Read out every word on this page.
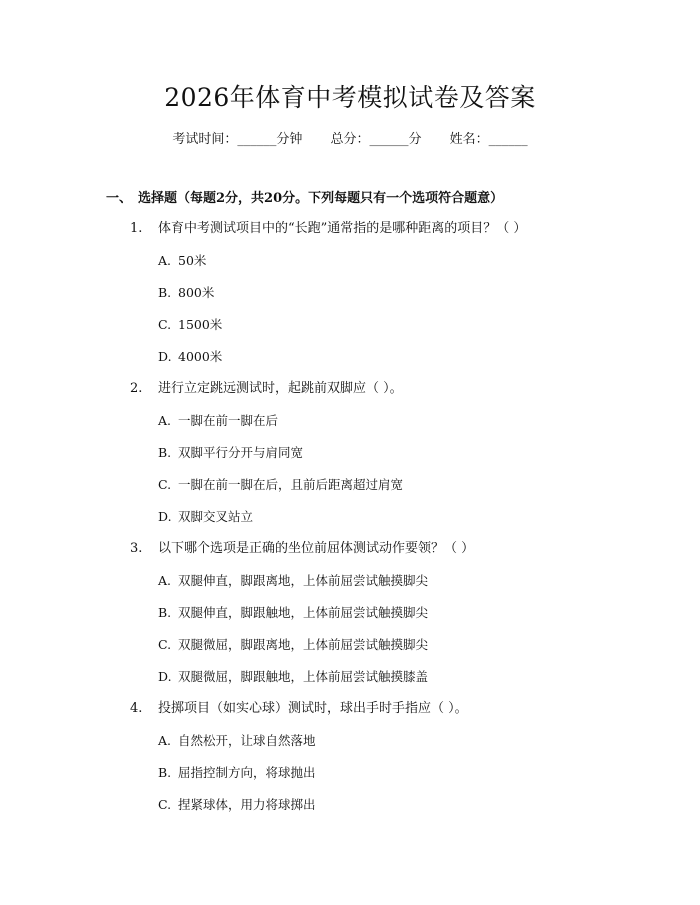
2026年体育中考模拟试卷及答案
考试时间：______分钟 总分：______分 姓名：______
一、 选择题（每题2分，共20分。下列每题只有一个选项符合题意）
1. 体育中考测试项目中的“长跑”通常指的是哪种距离的项目？（ ）
A. 50米
B. 800米
C. 1500米
D. 4000米
2. 进行立定跳远测试时，起跳前双脚应（ ）。
A. 一脚在前一脚在后
B. 双脚平行分开与肩同宽
C. 一脚在前一脚在后，且前后距离超过肩宽
D. 双脚交叉站立
3. 以下哪个选项是正确的坐位前屈体测试动作要领？（ ）
A. 双腿伸直，脚跟离地，上体前屈尝试触摸脚尖
B. 双腿伸直，脚跟触地，上体前屈尝试触摸脚尖
C. 双腿微屈，脚跟离地，上体前屈尝试触摸脚尖
D. 双腿微屈，脚跟触地，上体前屈尝试触摸膝盖
4. 投掷项目（如实心球）测试时，球出手时手指应（ ）。
A. 自然松开，让球自然落地
B. 屈指控制方向，将球抛出
C. 捏紧球体，用力将球掷出
